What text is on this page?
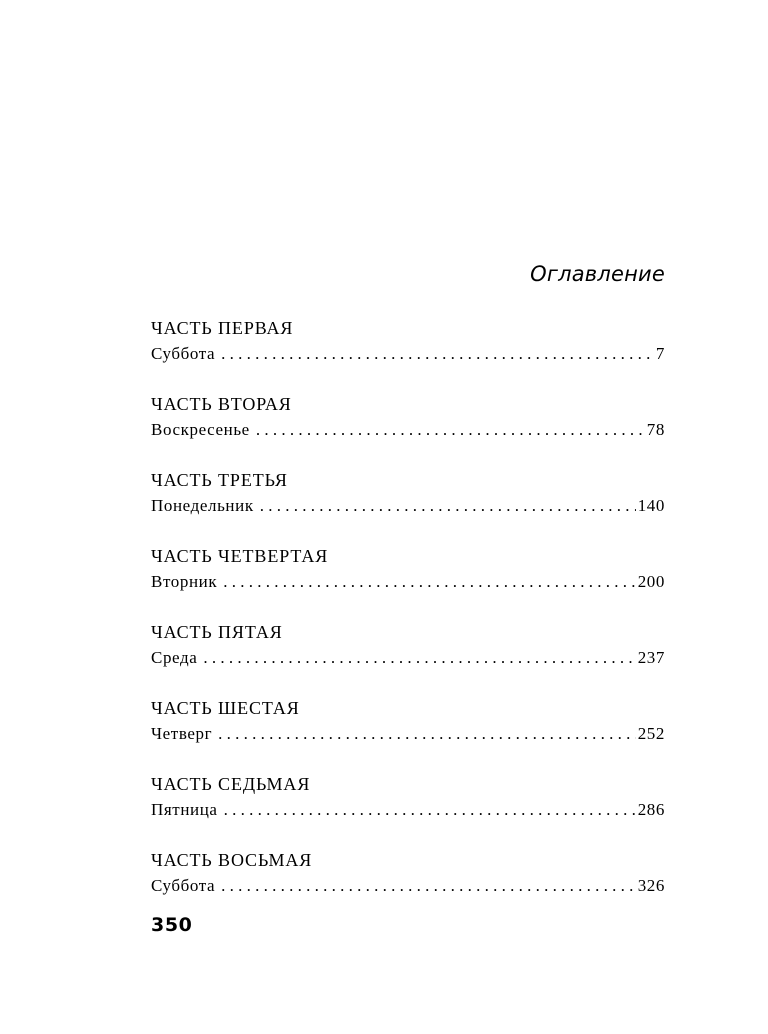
Оглавление
ЧАСТЬ ПЕРВАЯ
Суббота . . .	7
ЧАСТЬ ВТОРАЯ
Воскресенье . . .	78
ЧАСТЬ ТРЕТЬЯ
Понедельник . . .	140
ЧАСТЬ ЧЕТВЕРТАЯ
Вторник . . .	200
ЧАСТЬ ПЯТАЯ
Среда . . .	237
ЧАСТЬ ШЕСТАЯ
Четверг . . .	252
ЧАСТЬ СЕДЬМАЯ
Пятница . . .	286
ЧАСТЬ ВОСЬМАЯ
Суббота . . .	326
350
